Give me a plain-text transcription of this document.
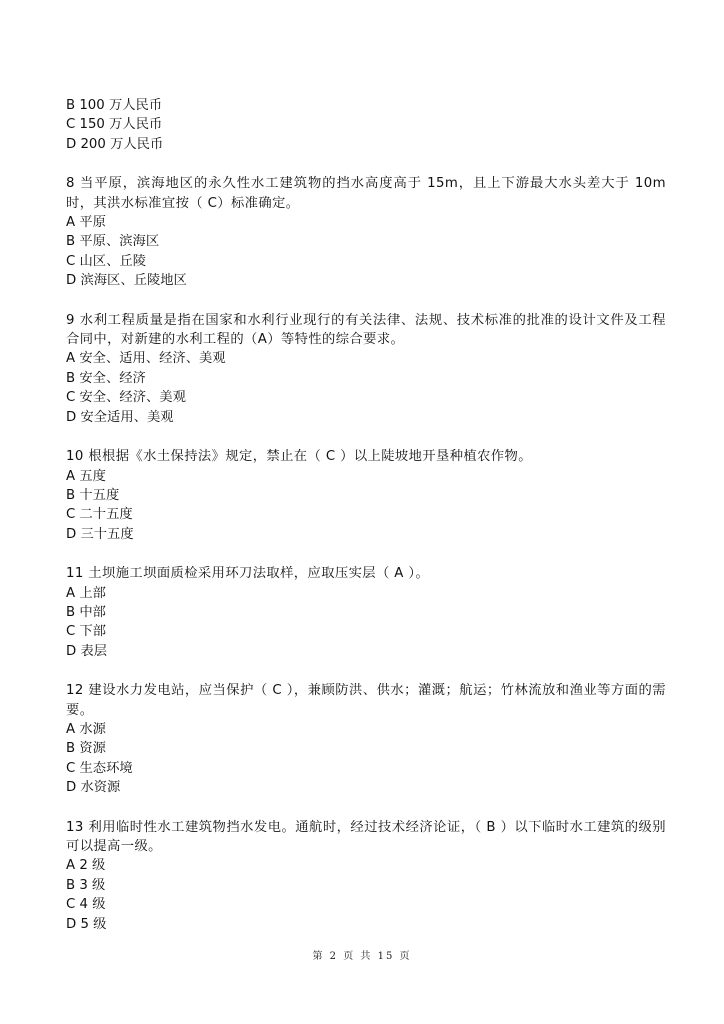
B 100 万人民币
C 150 万人民币
D 200 万人民币
8 当平原，滨海地区的永久性水工建筑物的挡水高度高于 15m，且上下游最大水头差大于 10m 时，其洪水标准宜按（ C）标准确定。
A 平原
B 平原、滨海区
C 山区、丘陵
D 滨海区、丘陵地区
9 水利工程质量是指在国家和水利行业现行的有关法律、法规、技术标准的批准的设计文件及工程合同中，对新建的水利工程的（A）等特性的综合要求。
A 安全、适用、经济、美观
B 安全、经济
C 安全、经济、美观
D 安全适用、美观
10 根根据《水土保持法》规定，禁止在（ C ）以上陡坡地开垦种植农作物。
A 五度
B 十五度
C 二十五度
D 三十五度
11 土坝施工坝面质检采用环刀法取样，应取压实层（ A ）。
A 上部
B 中部
C 下部
D 表层
12 建设水力发电站，应当保护（ C ），兼顾防洪、供水；灌溉；航运；竹林流放和渔业等方面的需要。
A 水源
B 资源
C 生态环境
D 水资源
13 利用临时性水工建筑物挡水发电。通航时，经过技术经济论证，（ B ）以下临时水工建筑的级别可以提高一级。
A 2 级
B 3 级
C 4 级
D 5 级
第 2 页 共 15 页
